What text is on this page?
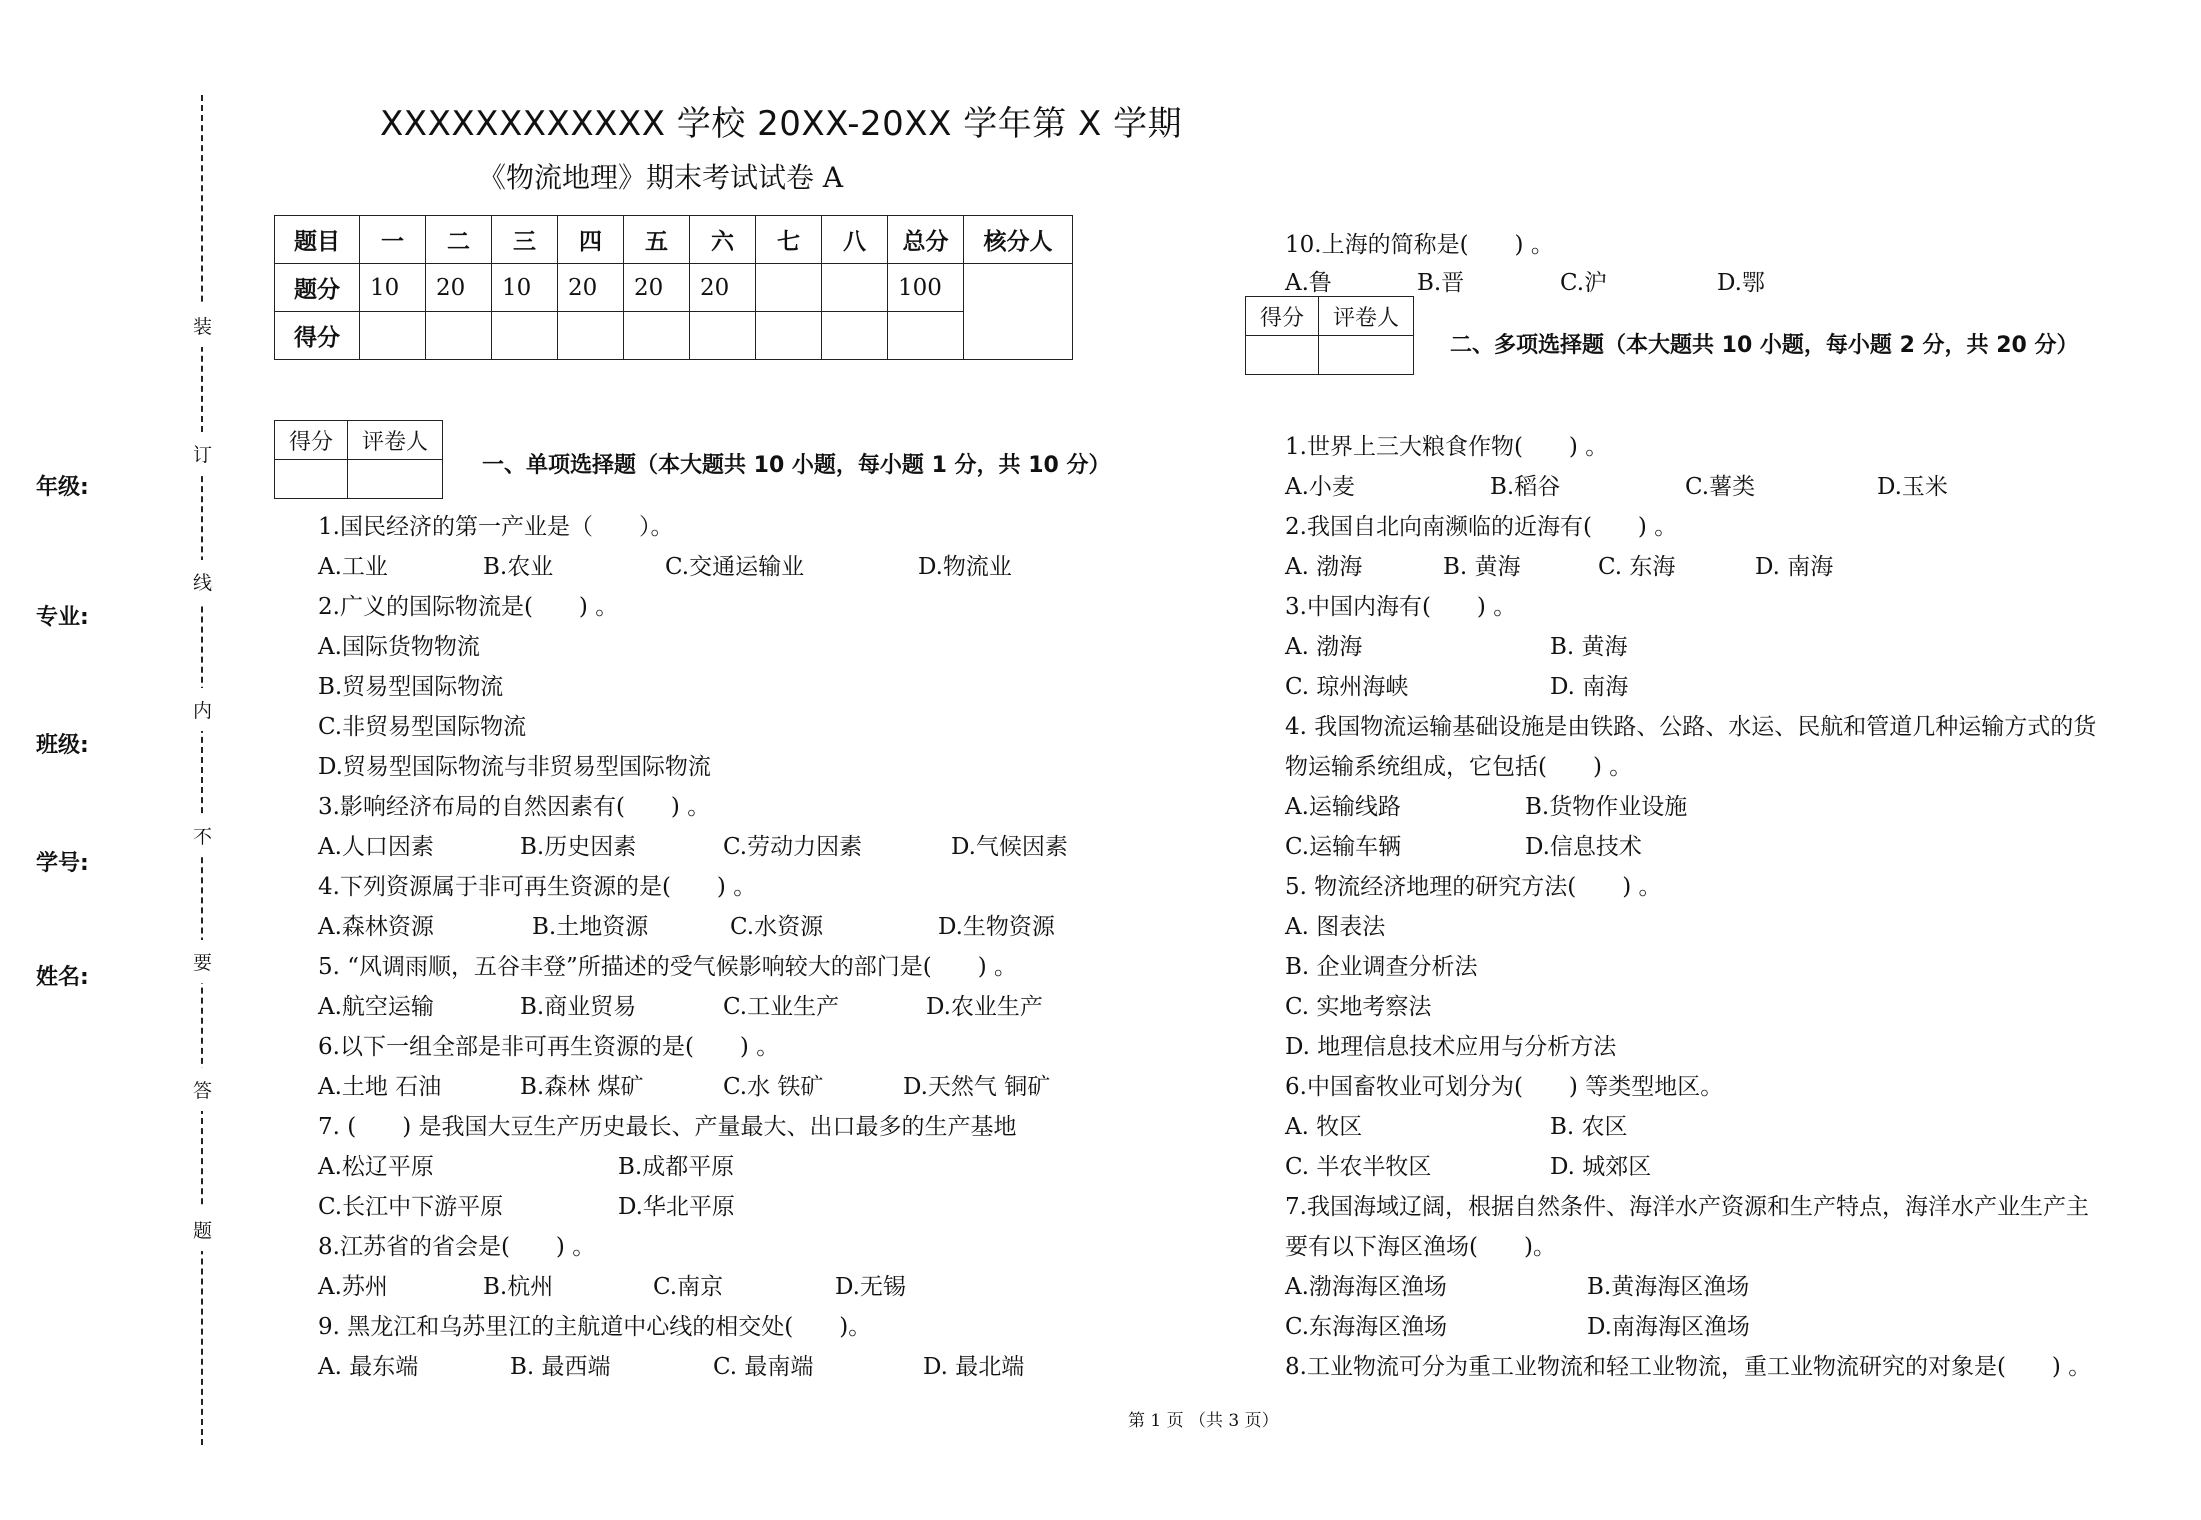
XXXXXXXXXXXX 学校 20XX-20XX 学年第 X 学期
《物流地理》期末考试试卷 A
装
订
线
内
不
要
答
题
年级:
专业:
班级:
学号:
姓名:
题目	一	二	三	四	五	六	七	八	总分	核分人
题分	10	20	10	20	20	20			100	
得分										
得分	评卷人

一、单项选择题（本大题共 10 小题，每小题 1 分，共 10 分）
1.国民经济的第一产业是（　　）。
A.工业	B.农业	C.交通运输业	D.物流业
2.广义的国际物流是(　　) 。
A.国际货物物流
B.贸易型国际物流
C.非贸易型国际物流
D.贸易型国际物流与非贸易型国际物流
3.影响经济布局的自然因素有(　　) 。
A.人口因素	B.历史因素	C.劳动力因素	D.气候因素
4.下列资源属于非可再生资源的是(　　) 。
A.森林资源	B.土地资源	C.水资源	D.生物资源
5. “风调雨顺，五谷丰登”所描述的受气候影响较大的部门是(　　) 。
A.航空运输	B.商业贸易	C.工业生产	D.农业生产
6.以下一组全部是非可再生资源的是(　　) 。
A.土地 石油	B.森林 煤矿	C.水 铁矿	D.天然气 铜矿
7. (　　) 是我国大豆生产历史最长、产量最大、出口最多的生产基地
A.松辽平原	B.成都平原
C.长江中下游平原	D.华北平原
8.江苏省的省会是(　　) 。
A.苏州	B.杭州	C.南京	D.无锡
9. 黑龙江和乌苏里江的主航道中心线的相交处(　　)。
A. 最东端	B. 最西端	C. 最南端	D. 最北端
10.上海的简称是(　　) 。
A.鲁	B.晋	C.沪	D.鄂
得分	评卷人

二、多项选择题（本大题共 10 小题，每小题 2 分，共 20 分）
1.世界上三大粮食作物(　　) 。
A.小麦	B.稻谷	C.薯类	D.玉米
2.我国自北向南濒临的近海有(　　) 。
A. 渤海	B. 黄海	C. 东海	D. 南海
3.中国内海有(　　) 。
A. 渤海	B. 黄海
C. 琼州海峡	D. 南海
4. 我国物流运输基础设施是由铁路、公路、水运、民航和管道几种运输方式的货
物运输系统组成，它包括(　　) 。
A.运输线路	B.货物作业设施
C.运输车辆	D.信息技术
5. 物流经济地理的研究方法(　　) 。
A. 图表法
B. 企业调查分析法
C. 实地考察法
D. 地理信息技术应用与分析方法
6.中国畜牧业可划分为(　　) 等类型地区。
A. 牧区	B. 农区
C. 半农半牧区	D. 城郊区
7.我国海域辽阔，根据自然条件、海洋水产资源和生产特点，海洋水产业生产主
要有以下海区渔场(　　)。
A.渤海海区渔场	B.黄海海区渔场
C.东海海区渔场	D.南海海区渔场
8.工业物流可分为重工业物流和轻工业物流，重工业物流研究的对象是(　　) 。
第 1 页 （共 3 页）
